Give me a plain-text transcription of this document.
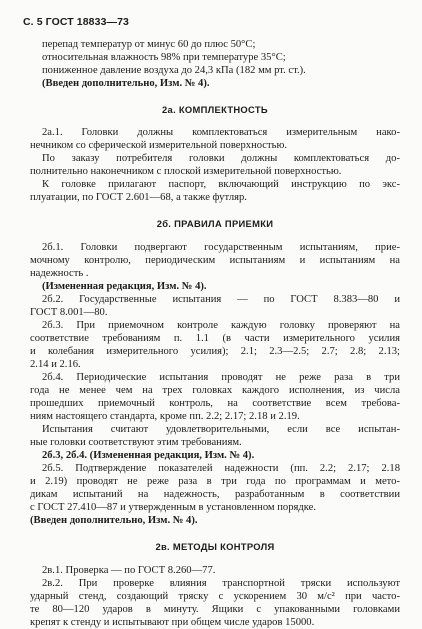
С. 5 ГОСТ 18833—73
перепад температур от минус 60 до плюс 50°С;
относительная влажность 98% при температуре 35°С;
пониженное давление воздуха до 24,3 кПа (182 мм рт. ст.).
(Введен дополнительно, Изм. № 4).
2а. КОМПЛЕКТНОСТЬ
2а.1. Головки должны комплектоваться измерительным нако-
нечником со сферической измерительной поверхностью.
По заказу потребителя головки должны комплектоваться до-
полнительно наконечником с плоской измерительной поверхностью.
К головке прилагают паспорт, включающий инструкцию по экс-
плуатации, по ГОСТ 2.601—68, а также футляр.
2б. ПРАВИЛА ПРИЕМКИ
2б.1. Головки подвергают государственным испытаниям, прие-
мочному контролю, периодическим испытаниям и испытаниям на
надежность .
(Измененная редакция, Изм. № 4).
2б.2. Государственные испытания — по ГОСТ 8.383—80 и
ГОСТ 8.001—80.
2б.3. При приемочном контроле каждую головку проверяют на
соответствие требованиям п. 1.1 (в части измерительного усилия
и колебания измерительного усилия); 2.1; 2.3—2.5; 2.7; 2.8; 2.13;
2.14 и 2.16.
2б.4. Периодические испытания проводят не реже раза в три
года не менее чем на трех головках каждого исполнения, из числа
прошедших приемочный контроль, на соответствие всем требова-
ниям настоящего стандарта, кроме пп. 2.2; 2.17; 2.18 и 2.19.
Испытания считают удовлетворительными, если все испытан-
ные головки соответствуют этим требованиям.
2б.3, 2б.4. (Измененная редакция, Изм. № 4).
2б.5. Подтверждение показателей надежности (пп. 2.2; 2.17; 2.18
и 2.19) проводят не реже раза в три года по программам и мето-
дикам испытаний на надежность, разработанным в соответствии
с ГОСТ 27.410—87 и утвержденным в установленном порядке.
(Введен дополнительно, Изм. № 4).
2в. МЕТОДЫ КОНТРОЛЯ
2в.1. Проверка — по ГОСТ 8.260—77.
2в.2. При проверке влияния транспортной тряски используют
ударный стенд, создающий тряску с ускорением 30 м/с² при часто-
те 80—120 ударов в минуту. Ящики с упакованными головками
крепят к стенду и испытывают при общем числе ударов 15000.
